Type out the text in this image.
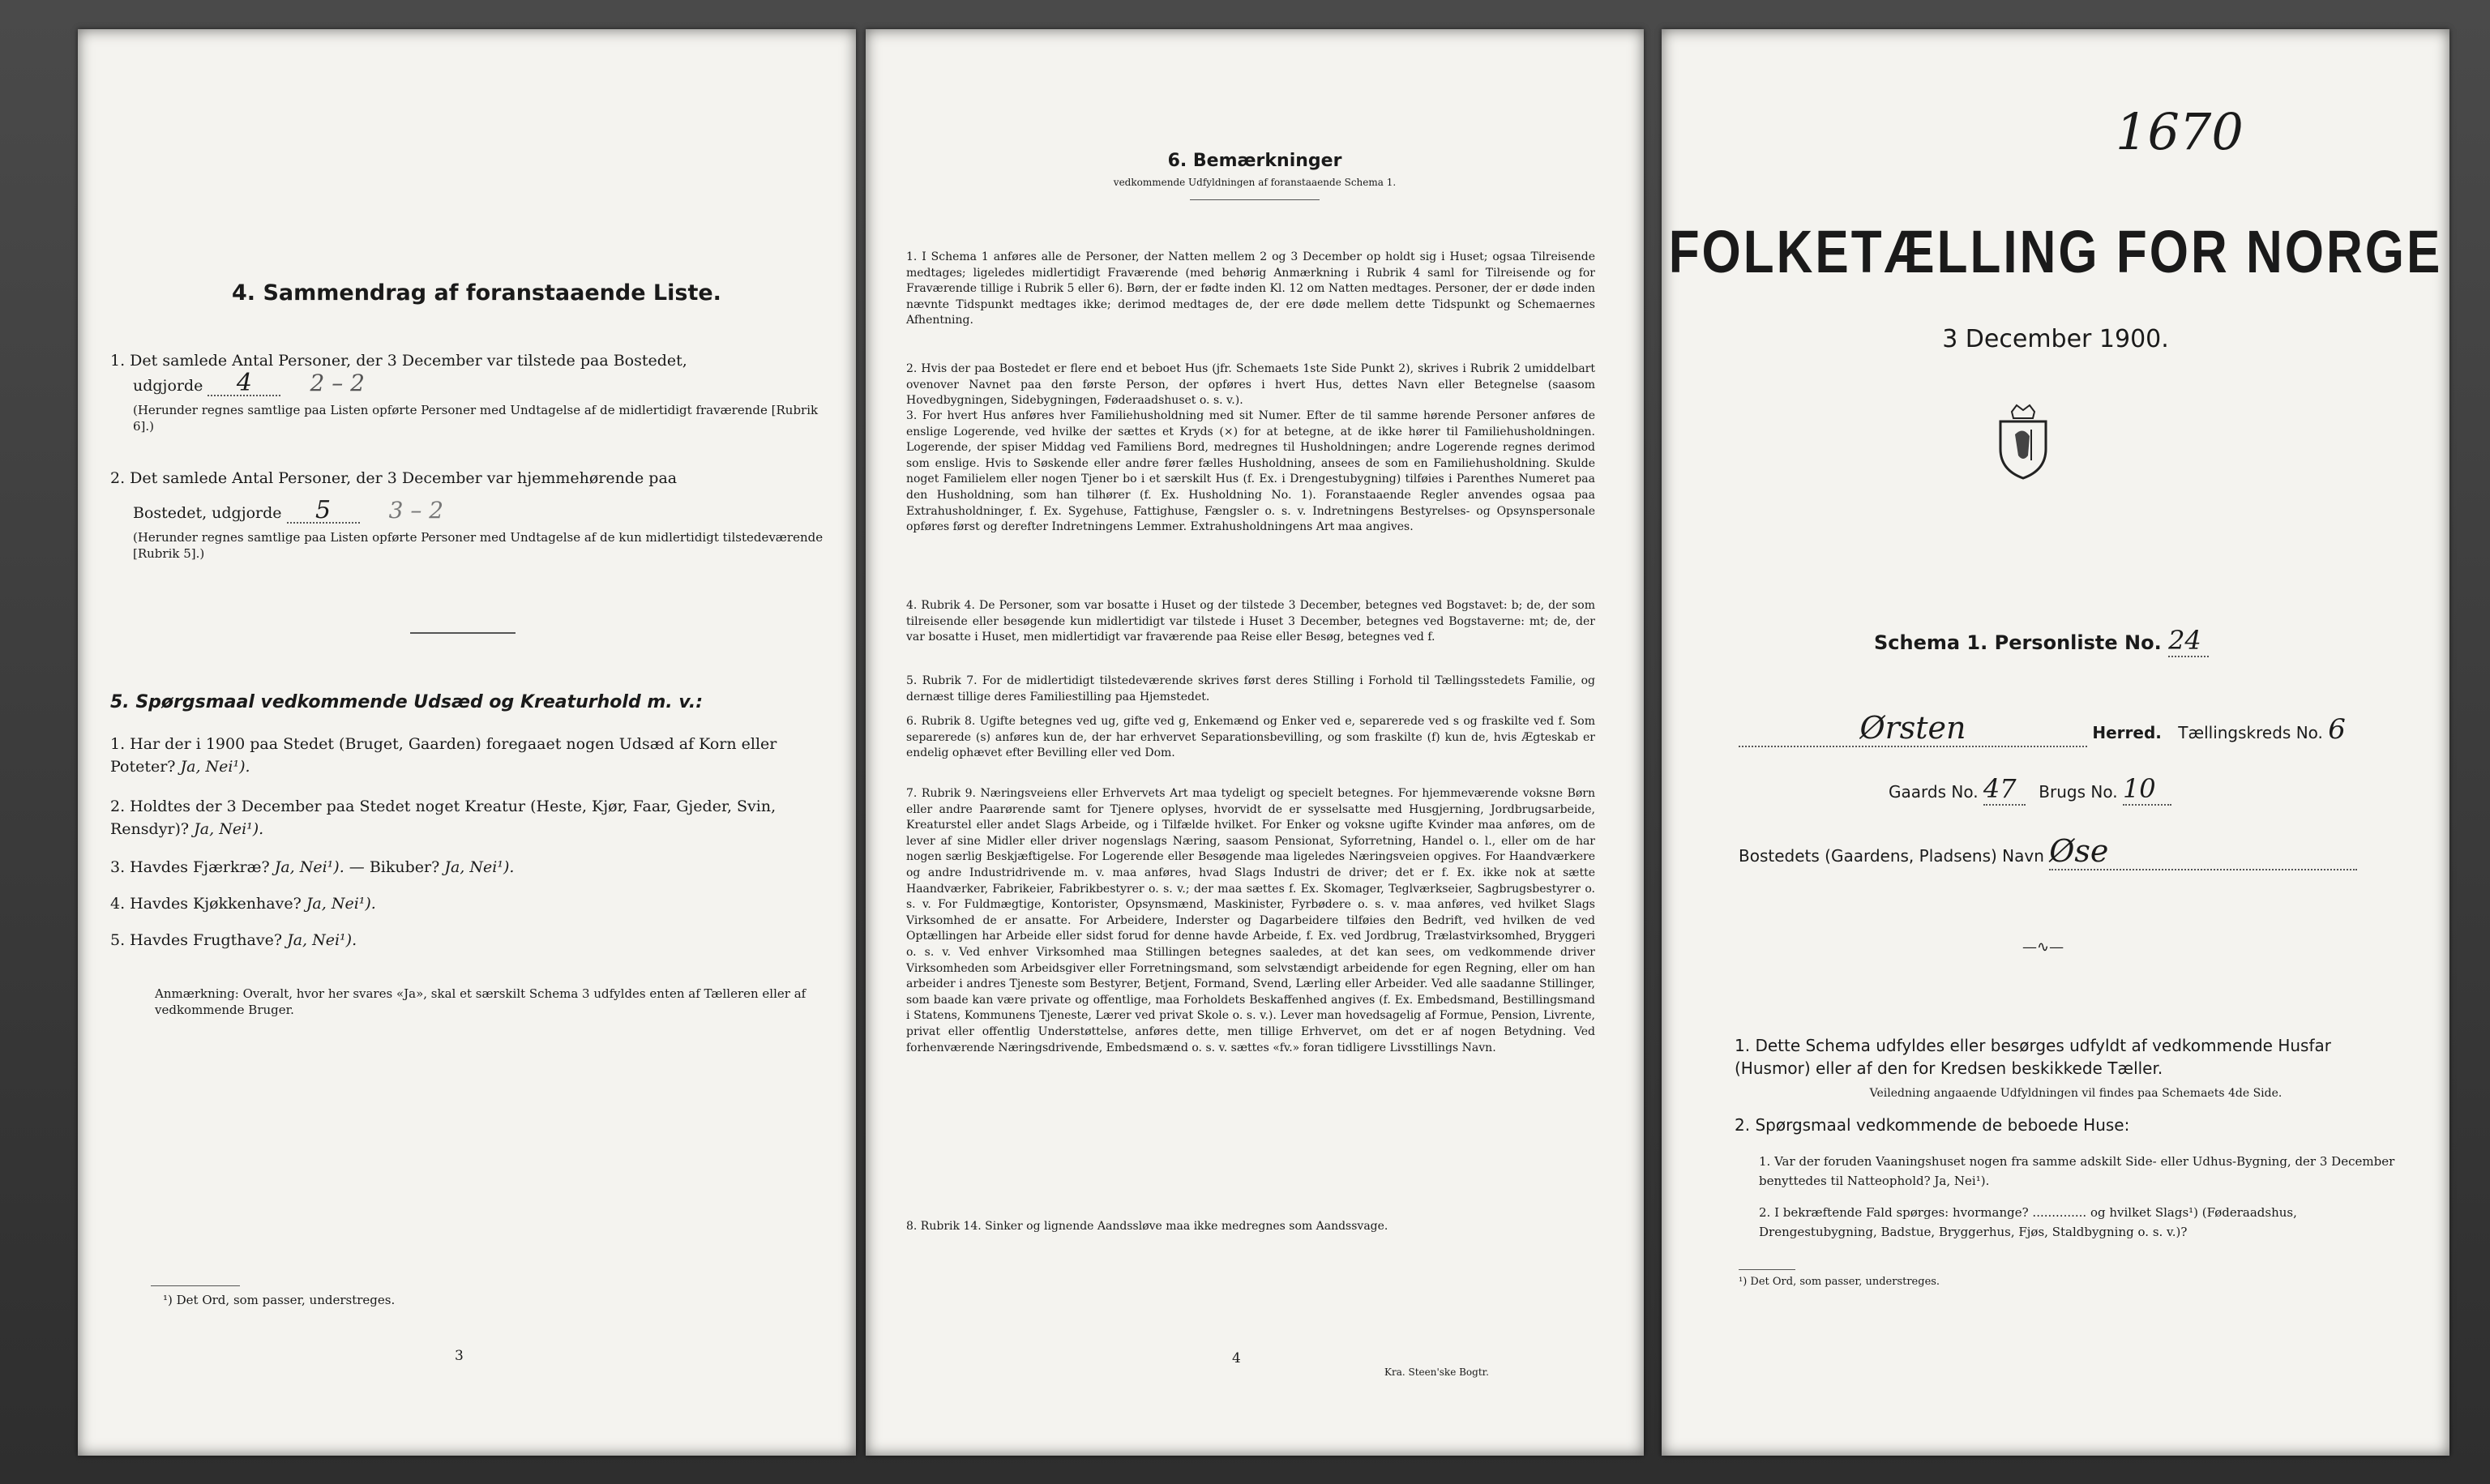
4. Sammendrag af foranstaaende Liste.

1. Det samlede Antal Personer, der 3 December var tilstede paa Bostedet,

udgjorde 4	2 – 2

(Herunder regnes samtlige paa Listen opførte Personer med Undtagelse af de midlertidigt fraværende [Rubrik 6].)

2. Det samlede Antal Personer, der 3 December var hjemmehørende paa

Bostedet, udgjorde 5	3 – 2

(Herunder regnes samtlige paa Listen opførte Personer med Undtagelse af de kun midlertidigt tilstedeværende [Rubrik 5].)

5. Spørgsmaal vedkommende Udsæd og Kreaturhold m. v.:
1. Har der i 1900 paa Stedet (Bruget, Gaarden) foregaaet nogen Udsæd af Korn eller Poteter? Ja, Nei¹).
2. Holdtes der 3 December paa Stedet noget Kreatur (Heste, Kjør, Faar, Gjeder, Svin, Rensdyr)? Ja, Nei¹).
3. Havdes Fjærkræ? Ja, Nei¹). — Bikuber? Ja, Nei¹).
4. Havdes Kjøkkenhave? Ja, Nei¹).
5. Havdes Frugthave? Ja, Nei¹).
Anmærkning: Overalt, hvor her svares «Ja», skal et særskilt Schema 3 udfyldes enten af Tælleren eller af vedkommende Bruger.
¹) Det Ord, som passer, understreges.
3
6. Bemærkninger
vedkommende Udfyldningen af foranstaaende Schema 1.
1. I Schema 1 anføres alle de Personer, der Natten mellem 2 og 3 December op holdt sig i Huset; ogsaa Tilreisende medtages; ligeledes midlertidigt Fraværende (med behørig Anmærkning i Rubrik 4 saml for Tilreisende og for Fraværende tillige i Rubrik 5 eller 6). Børn, der er fødte inden Kl. 12 om Natten medtages. Personer, der er døde inden nævnte Tidspunkt medtages ikke; derimod medtages de, der ere døde mellem dette Tidspunkt og Schemaernes Afhentning.
2. Hvis der paa Bostedet er flere end et beboet Hus (jfr. Schemaets 1ste Side Punkt 2), skrives i Rubrik 2 umiddelbart ovenover Navnet paa den første Person, der opføres i hvert Hus, dettes Navn eller Betegnelse (saasom Hovedbygningen, Sidebygningen, Føderaadshuset o. s. v.).
3. For hvert Hus anføres hver Familiehusholdning med sit Numer. Efter de til samme hørende Personer anføres de enslige Logerende, ved hvilke der sættes et Kryds (×) for at betegne, at de ikke hører til Familiehusholdningen. Logerende, der spiser Middag ved Familiens Bord, medregnes til Husholdningen; andre Logerende regnes derimod som enslige. Hvis to Søskende eller andre fører fælles Husholdning, ansees de som en Familiehusholdning. Skulde noget Familielem eller nogen Tjener bo i et særskilt Hus (f. Ex. i Drengestubygning) tilføies i Parenthes Numeret paa den Husholdning, som han tilhører (f. Ex. Husholdning No. 1). Foranstaaende Regler anvendes ogsaa paa Extrahusholdninger, f. Ex. Sygehuse, Fattighuse, Fængsler o. s. v. Indretningens Bestyrelses- og Opsynspersonale opføres først og derefter Indretningens Lemmer. Extrahusholdningens Art maa angives.
4. Rubrik 4. De Personer, som var bosatte i Huset og der tilstede 3 December, betegnes ved Bogstavet: b; de, der som tilreisende eller besøgende kun midlertidigt var tilstede i Huset 3 December, betegnes ved Bogstaverne: mt; de, der var bosatte i Huset, men midlertidigt var fraværende paa Reise eller Besøg, betegnes ved f.
5. Rubrik 7. For de midlertidigt tilstedeværende skrives først deres Stilling i Forhold til Tællingsstedets Familie, og dernæst tillige deres Familiestilling paa Hjemstedet.
6. Rubrik 8. Ugifte betegnes ved ug, gifte ved g, Enkemænd og Enker ved e, separerede ved s og fraskilte ved f. Som separerede (s) anføres kun de, der har erhvervet Separationsbevilling, og som fraskilte (f) kun de, hvis Ægteskab er endelig ophævet efter Bevilling eller ved Dom.
7. Rubrik 9. Næringsveiens eller Erhvervets Art maa tydeligt og specielt betegnes. For hjemmeværende voksne Børn eller andre Paarørende samt for Tjenere oplyses, hvorvidt de er sysselsatte med Husgjerning, Jordbrugsarbeide, Kreaturstel eller andet Slags Arbeide, og i Tilfælde hvilket. For Enker og voksne ugifte Kvinder maa anføres, om de lever af sine Midler eller driver nogenslags Næring, saasom Pensionat, Syforretning, Handel o. l., eller om de har nogen særlig Beskjæftigelse. For Logerende eller Besøgende maa ligeledes Næringsveien opgives. For Haandværkere og andre Industridrivende m. v. maa anføres, hvad Slags Industri de driver; det er f. Ex. ikke nok at sætte Haandværker, Fabrikeier, Fabrikbestyrer o. s. v.; der maa sættes f. Ex. Skomager, Teglværkseier, Sagbrugsbestyrer o. s. v. For Fuldmægtige, Kontorister, Opsynsmænd, Maskinister, Fyrbødere o. s. v. maa anføres, ved hvilket Slags Virksomhed de er ansatte. For Arbeidere, Inderster og Dagarbeidere tilføies den Bedrift, ved hvilken de ved Optællingen har Arbeide eller sidst forud for denne havde Arbeide, f. Ex. ved Jordbrug, Trælastvirksomhed, Bryggeri o. s. v. Ved enhver Virksomhed maa Stillingen betegnes saaledes, at det kan sees, om vedkommende driver Virksomheden som Arbeidsgiver eller Forretningsmand, som selvstændigt arbeidende for egen Regning, eller om han arbeider i andres Tjeneste som Bestyrer, Betjent, Formand, Svend, Lærling eller Arbeider. Ved alle saadanne Stillinger, som baade kan være private og offentlige, maa Forholdets Beskaffenhed angives (f. Ex. Embedsmand, Bestillingsmand i Statens, Kommunens Tjeneste, Lærer ved privat Skole o. s. v.). Lever man hovedsagelig af Formue, Pension, Livrente, privat eller offentlig Understøttelse, anføres dette, men tillige Erhvervet, om det er af nogen Betydning. Ved forhenværende Næringsdrivende, Embedsmænd o. s. v. sættes «fv.» foran tidligere Livsstillings Navn.
8. Rubrik 14. Sinker og lignende Aandssløve maa ikke medregnes som Aandssvage.
4
Kra. Steen'ske Bogtr.
1670
FOLKETÆLLING FOR NORGE
3 December 1900.
Schema 1. Personliste No. 24
Ørsten	Herred. Tællingskreds No. 6
Gaards No. 47 Brugs No. 10
Bostedets (Gaardens, Pladsens) Navn Øse
—∿—
1. Dette Schema udfyldes eller besørges udfyldt af vedkommende Husfar (Husmor) eller af den for Kredsen beskikkede Tæller.
Veiledning angaaende Udfyldningen vil findes paa Schemaets 4de Side.
2. Spørgsmaal vedkommende de beboede Huse:
1. Var der foruden Vaaningshuset nogen fra samme adskilt Side- eller Udhus-Bygning, der 3 December benyttedes til Natteophold? Ja, Nei¹).
2. I bekræftende Fald spørges: hvormange? .............. og hvilket Slags¹) (Føderaadshus, Drengestubygning, Badstue, Bryggerhus, Fjøs, Staldbygning o. s. v.)?
¹) Det Ord, som passer, understreges.
